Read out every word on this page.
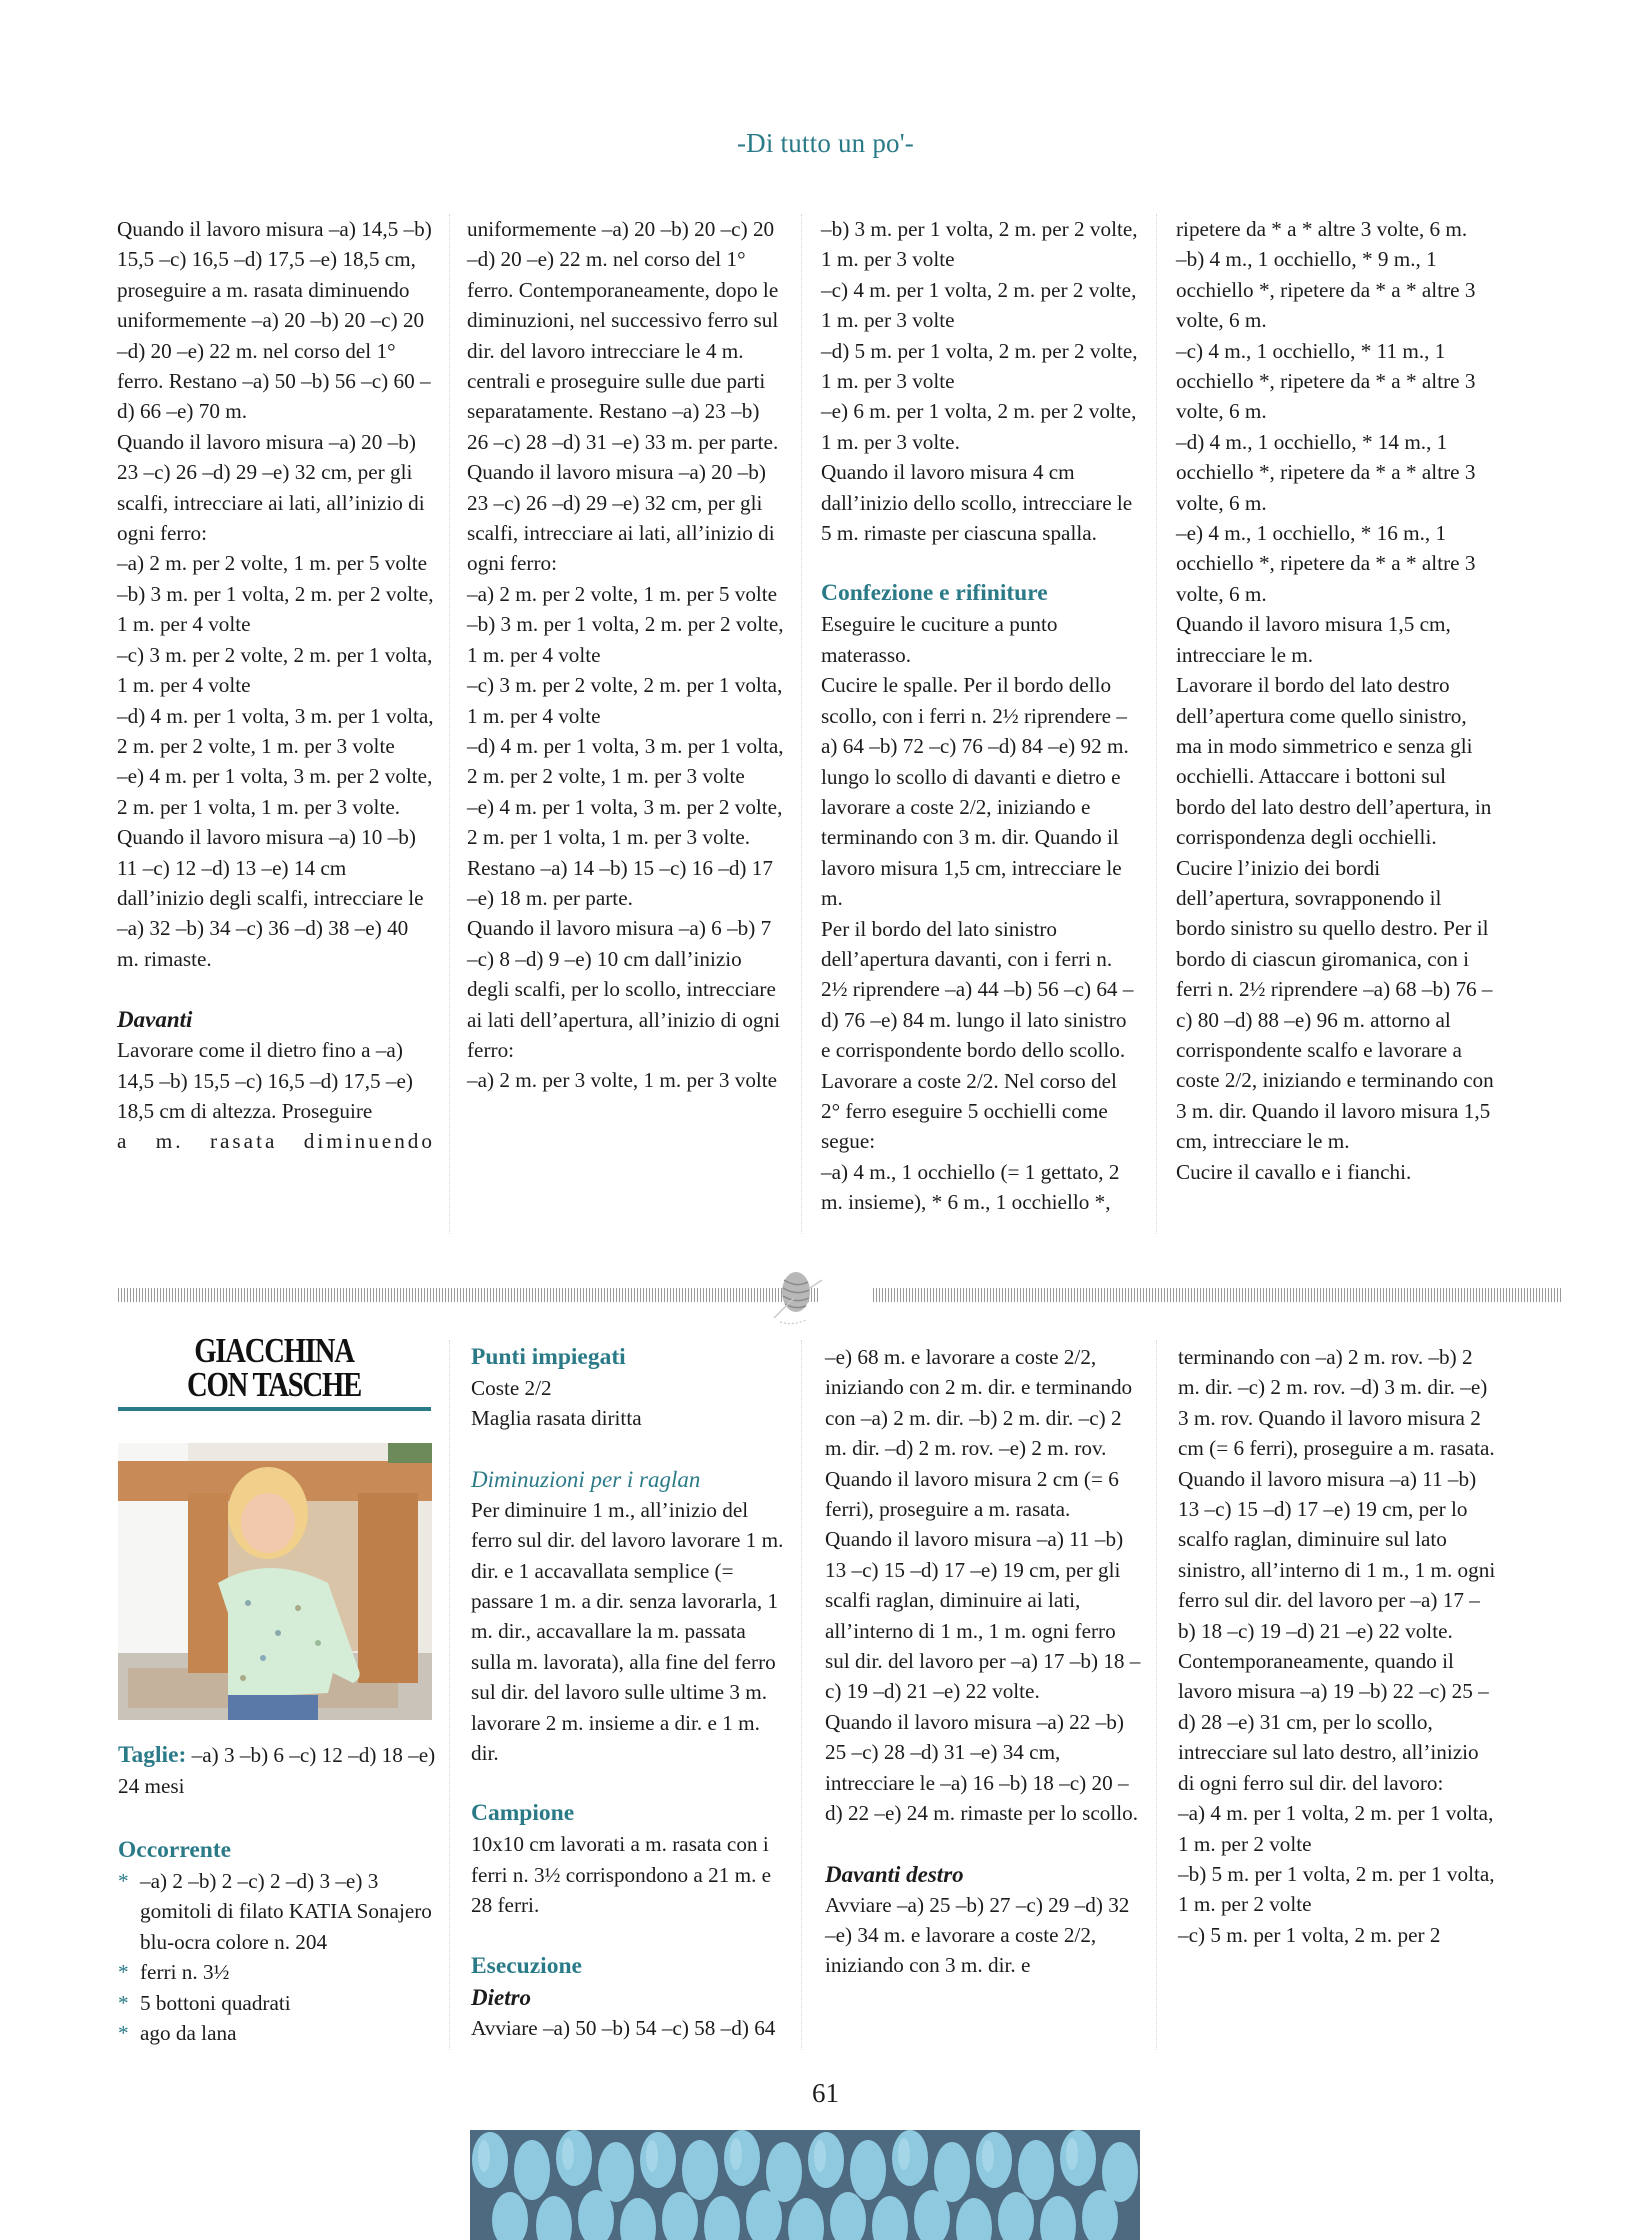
-Di tutto un po'-

Quando il lavoro misura –a) 14,5 –b) 15,5 –c) 16,5 –d) 17,5 –e) 18,5 cm, proseguire a m. rasata diminuendo uniformemente –a) 20 –b) 20 –c) 20 –d) 20 –e) 22 m. nel corso del 1° ferro. Restano –a) 50 –b) 56 –c) 60 –d) 66 –e) 70 m.

Quando il lavoro misura –a) 20 –b) 23 –c) 26 –d) 29 –e) 32 cm, per gli scalfi, intrecciare ai lati, all’inizio di ogni ferro:

–a) 2 m. per 2 volte, 1 m. per 5 volte

–b) 3 m. per 1 volta, 2 m. per 2 volte, 1 m. per 4 volte

–c) 3 m. per 2 volte, 2 m. per 1 volta, 1 m. per 4 volte

–d) 4 m. per 1 volta, 3 m. per 1 volta, 2 m. per 2 volte, 1 m. per 3 volte

–e) 4 m. per 1 volta, 3 m. per 2 volte, 2 m. per 1 volta, 1 m. per 3 volte.

Quando il lavoro misura –a) 10 –b) 11 –c) 12 –d) 13 –e) 14 cm dall’inizio degli scalfi, intrecciare le –a) 32 –b) 34 –c) 36 –d) 38 –e) 40 m. rimaste.

Davanti

Lavorare come il dietro fino a –a) 14,5 –b) 15,5 –c) 16,5 –d) 17,5 –e) 18,5 cm di altezza. Proseguire

a m. rasata diminuendo

uniformemente –a) 20 –b) 20 –c) 20 –d) 20 –e) 22 m. nel corso del 1° ferro. Contemporaneamente, dopo le diminuzioni, nel successivo ferro sul dir. del lavoro intrecciare le 4 m. centrali e proseguire sulle due parti separatamente. Restano –a) 23 –b) 26 –c) 28 –d) 31 –e) 33 m. per parte.

Quando il lavoro misura –a) 20 –b) 23 –c) 26 –d) 29 –e) 32 cm, per gli scalfi, intrecciare ai lati, all’inizio di ogni ferro:

–a) 2 m. per 2 volte, 1 m. per 5 volte

–b) 3 m. per 1 volta, 2 m. per 2 volte, 1 m. per 4 volte

–c) 3 m. per 2 volte, 2 m. per 1 volta, 1 m. per 4 volte

–d) 4 m. per 1 volta, 3 m. per 1 volta, 2 m. per 2 volte, 1 m. per 3 volte

–e) 4 m. per 1 volta, 3 m. per 2 volte, 2 m. per 1 volta, 1 m. per 3 volte.

Restano –a) 14 –b) 15 –c) 16 –d) 17 –e) 18 m. per parte.

Quando il lavoro misura –a) 6 –b) 7 –c) 8 –d) 9 –e) 10 cm dall’inizio degli scalfi, per lo scollo, intrecciare ai lati dell’apertura, all’inizio di ogni ferro:

–a) 2 m. per 3 volte, 1 m. per 3 volte

–b) 3 m. per 1 volta, 2 m. per 2 volte, 1 m. per 3 volte

–c) 4 m. per 1 volta, 2 m. per 2 volte, 1 m. per 3 volte

–d) 5 m. per 1 volta, 2 m. per 2 volte, 1 m. per 3 volte

–e) 6 m. per 1 volta, 2 m. per 2 volte, 1 m. per 3 volte.

Quando il lavoro misura 4 cm dall’inizio dello scollo, intrecciare le 5 m. rimaste per ciascuna spalla.

Confezione e rifiniture

Eseguire le cuciture a punto materasso.

Cucire le spalle. Per il bordo dello scollo, con i ferri n. 2½ riprendere –a) 64 –b) 72 –c) 76 –d) 84 –e) 92 m. lungo lo scollo di davanti e dietro e lavorare a coste 2/2, iniziando e terminando con 3 m. dir. Quando il lavoro misura 1,5 cm, intrecciare le m.

Per il bordo del lato sinistro dell’apertura davanti, con i ferri n. 2½ riprendere –a) 44 –b) 56 –c) 64 –d) 76 –e) 84 m. lungo il lato sinistro e corrispondente bordo dello scollo. Lavorare a coste 2/2. Nel corso del 2° ferro eseguire 5 occhielli come segue:

–a) 4 m., 1 occhiello (= 1 gettato, 2 m. insieme), * 6 m., 1 occhiello *,

ripetere da * a * altre 3 volte, 6 m.

–b) 4 m., 1 occhiello, * 9 m., 1 occhiello *, ripetere da * a * altre 3 volte, 6 m.

–c) 4 m., 1 occhiello, * 11 m., 1 occhiello *, ripetere da * a * altre 3 volte, 6 m.

–d) 4 m., 1 occhiello, * 14 m., 1 occhiello *, ripetere da * a * altre 3 volte, 6 m.

–e) 4 m., 1 occhiello, * 16 m., 1 occhiello *, ripetere da * a * altre 3 volte, 6 m.

Quando il lavoro misura 1,5 cm, intrecciare le m.

Lavorare il bordo del lato destro dell’apertura come quello sinistro, ma in modo simmetrico e senza gli occhielli. Attaccare i bottoni sul bordo del lato destro dell’apertura, in corrispondenza degli occhielli. Cucire l’inizio dei bordi dell’apertura, sovrapponendo il bordo sinistro su quello destro. Per il bordo di ciascun giromanica, con i ferri n. 2½ riprendere –a) 68 –b) 76 –c) 80 –d) 88 –e) 96 m. attorno al corrispondente scalfo e lavorare a coste 2/2, iniziando e terminando con 3 m. dir. Quando il lavoro misura 1,5 cm, intrecciare le m.

Cucire il cavallo e i fianchi.

GIACCHINA
CON TASCHE

Taglie: –a) 3 –b) 6 –c) 12 –d) 18 –e) 24 mesi

Occorrente

* –a) 2 –b) 2 –c) 2 –d) 3 –e) 3 gomitoli di filato KATIA Sonajero blu-ocra colore n. 204
* ferri n. 3½
* 5 bottoni quadrati
* ago da lana

Punti impiegati

Coste 2/2

Maglia rasata diritta

Diminuzioni per i raglan

Per diminuire 1 m., all’inizio del ferro sul dir. del lavoro lavorare 1 m. dir. e 1 accavallata semplice (= passare 1 m. a dir. senza lavorarla, 1 m. dir., accavallare la m. passata sulla m. lavorata), alla fine del ferro sul dir. del lavoro sulle ultime 3 m. lavorare 2 m. insieme a dir. e 1 m. dir.

Campione

10x10 cm lavorati a m. rasata con i ferri n. 3½ corrispondono a 21 m. e 28 ferri.

Esecuzione

Dietro

Avviare –a) 50 –b) 54 –c) 58 –d) 64

–e) 68 m. e lavorare a coste 2/2, iniziando con 2 m. dir. e terminando con –a) 2 m. dir. –b) 2 m. dir. –c) 2 m. dir. –d) 2 m. rov. –e) 2 m. rov. Quando il lavoro misura 2 cm (= 6 ferri), proseguire a m. rasata.

Quando il lavoro misura –a) 11 –b) 13 –c) 15 –d) 17 –e) 19 cm, per gli scalfi raglan, diminuire ai lati, all’interno di 1 m., 1 m. ogni ferro sul dir. del lavoro per –a) 17 –b) 18 –c) 19 –d) 21 –e) 22 volte.

Quando il lavoro misura –a) 22 –b) 25 –c) 28 –d) 31 –e) 34 cm, intrecciare le –a) 16 –b) 18 –c) 20 –d) 22 –e) 24 m. rimaste per lo scollo.

Davanti destro

Avviare –a) 25 –b) 27 –c) 29 –d) 32 –e) 34 m. e lavorare a coste 2/2, iniziando con 3 m. dir. e

terminando con –a) 2 m. rov. –b) 2 m. dir. –c) 2 m. rov. –d) 3 m. dir. –e) 3 m. rov. Quando il lavoro misura 2 cm (= 6 ferri), proseguire a m. rasata.

Quando il lavoro misura –a) 11 –b) 13 –c) 15 –d) 17 –e) 19 cm, per lo scalfo raglan, diminuire sul lato sinistro, all’interno di 1 m., 1 m. ogni ferro sul dir. del lavoro per –a) 17 –b) 18 –c) 19 –d) 21 –e) 22 volte.

Contemporaneamente, quando il lavoro misura –a) 19 –b) 22 –c) 25 –d) 28 –e) 31 cm, per lo scollo, intrecciare sul lato destro, all’inizio di ogni ferro sul dir. del lavoro:

–a) 4 m. per 1 volta, 2 m. per 1 volta, 1 m. per 2 volte

–b) 5 m. per 1 volta, 2 m. per 1 volta, 1 m. per 2 volte

–c) 5 m. per 1 volta, 2 m. per 2

61
